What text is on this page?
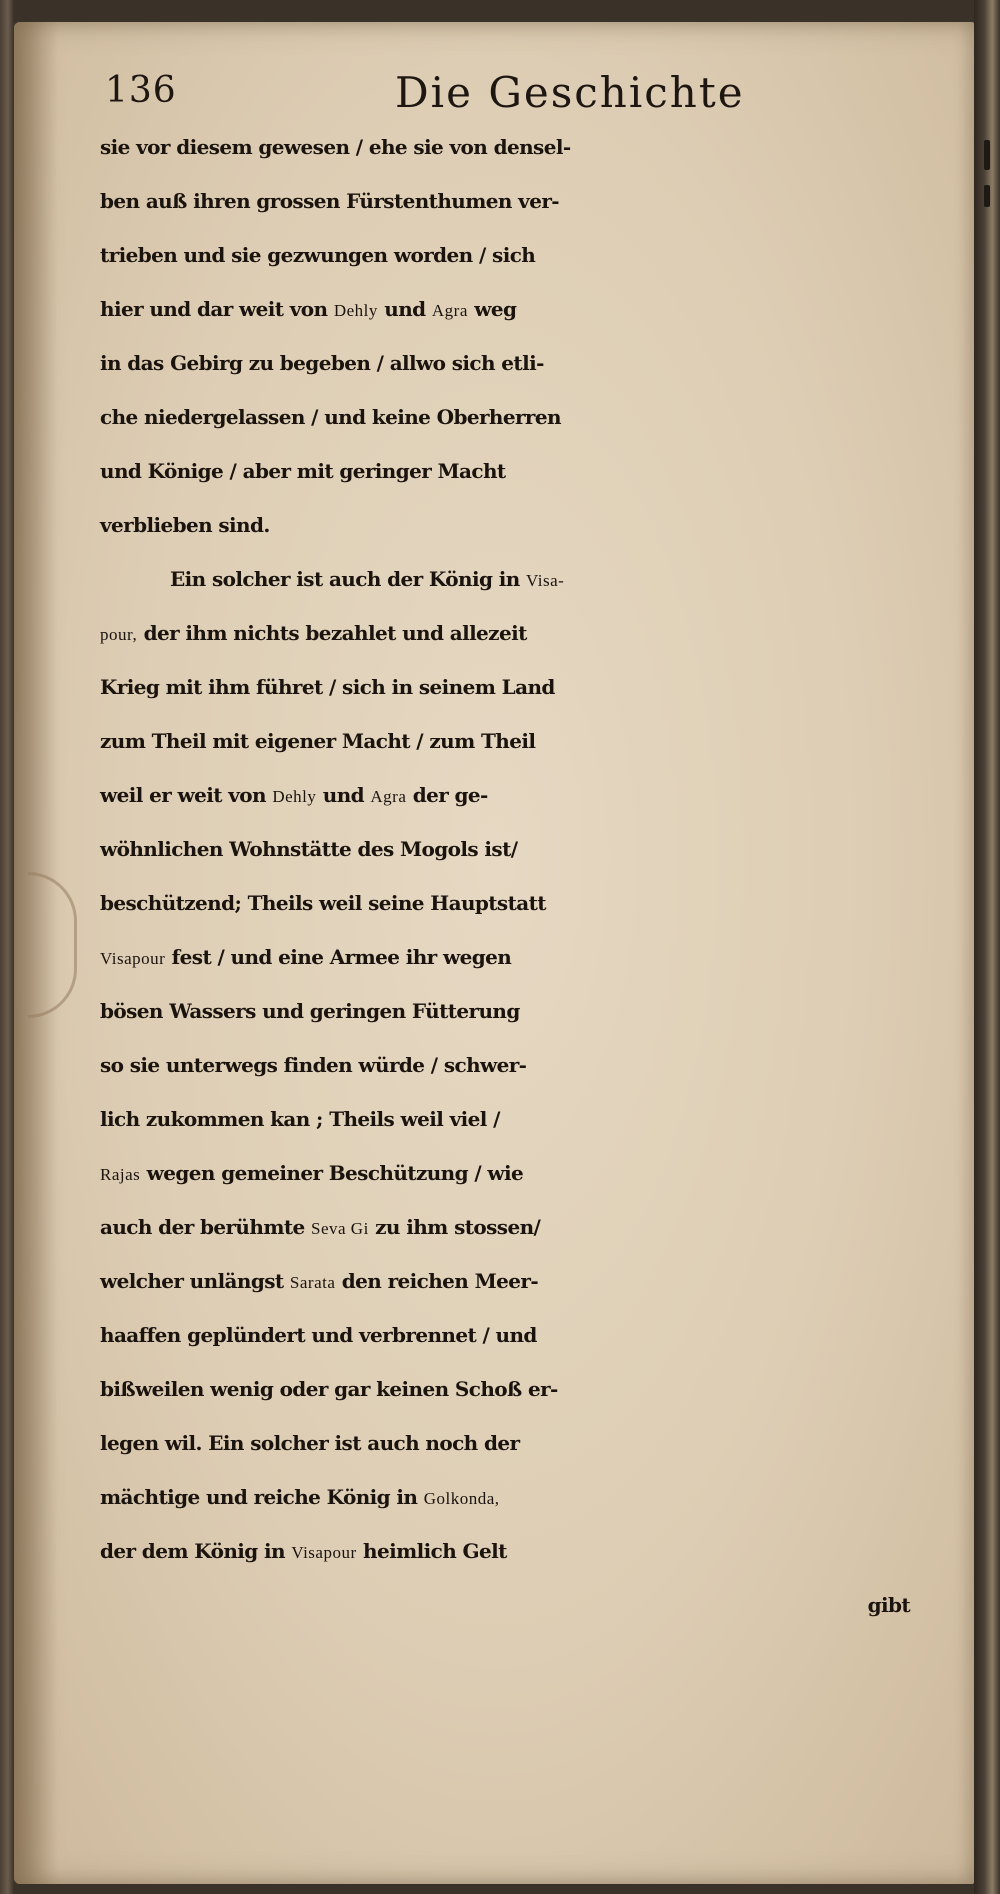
136	Die Geschichte
sie vor diesem gewesen / ehe sie von densel-
ben auß ihren grossen Fürstenthumen ver-
trieben und sie gezwungen worden / sich
hier und dar weit von Dehly und Agra weg
in das Gebirg zu begeben / allwo sich etli-
che niedergelassen / und keine Oberherren
und Könige / aber mit geringer Macht
verblieben sind.
Ein solcher ist auch der König in Visa-
pour, der ihm nichts bezahlet und allezeit
Krieg mit ihm führet / sich in seinem Land
zum Theil mit eigener Macht / zum Theil
weil er weit von Dehly und Agra der ge-
wöhnlichen Wohnstätte des Mogols ist/
beschützend; Theils weil seine Hauptstatt
Visapour fest / und eine Armee ihr wegen
bösen Wassers und geringen Fütterung
so sie unterwegs finden würde / schwer-
lich zukommen kan ; Theils weil viel /
Rajas wegen gemeiner Beschützung / wie
auch der berühmte Seva Gi zu ihm stossen/
welcher unlängst Sarata den reichen Meer-
haaffen geplündert und verbrennet / und
bißweilen wenig oder gar keinen Schoß er-
legen wil. Ein solcher ist auch noch der
mächtige und reiche König in Golkonda,
der dem König in Visapour heimlich Gelt
gibt
